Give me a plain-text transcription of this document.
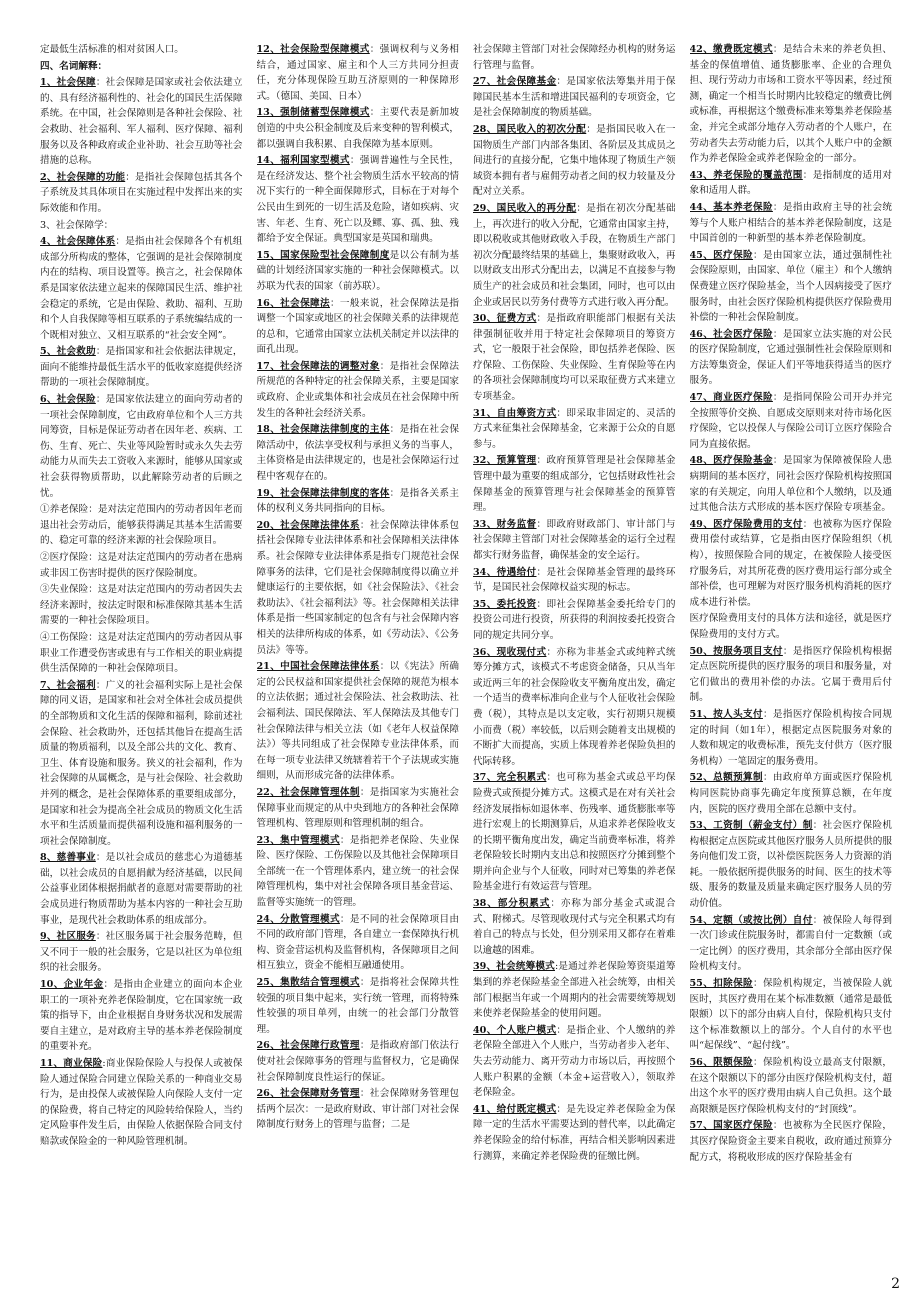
定最低生活标准的相对贫困人口。

四、名词解释：

1、社会保障：社会保障是国家或社会依法建立的、具有经济福利性的、社会化的国民生活保障系统。在中国，社会保障则是各种社会保险、社会救助、社会福利、军人福利、医疗保障、福利服务以及各种政府或企业补助、社会互助等社会措施的总称。

2、社会保障的功能：是指社会保障包括其各个子系统及其具体项目在实施过程中发挥出来的实际效能和作用。

3、社会保障学：

4、社会保障体系：是指由社会保障各个有机组成部分所构成的整体，它强调的是社会保障制度内在的结构、项目设置等。换言之，社会保障体系是国家依法建立起来的保障国民生活、维护社会稳定的系统，它是由保险、救助、福利、互助和个人自我保障等相互联系的子系统编结成的一个既相对独立、又相互联系的“社会安全网”。

5、社会救助：是指国家和社会依据法律规定，面向不能维持最低生活水平的低收家庭提供经济帮助的一项社会保障制度。

6、社会保险：是国家依法建立的面向劳动者的一项社会保障制度，它由政府单位和个人三方共同筹资，目标是保证劳动者在因年老、疾病、工伤、生育、死亡、失业等风险暂时或永久失去劳动能力从而失去工资收入来源时，能够从国家或社会获得物质帮助，以此解除劳动者的后顾之忧。

①养老保险：是对法定范围内的劳动者因年老而退出社会劳动后，能够获得满足其基本生活需要的、稳定可靠的经济来源的社会保险项目。

②医疗保险：这是对法定范围内的劳动者在患病或非因工伤害时提供的医疗保险制度。

③失业保险：这是对法定范围内的劳动者因失去经济来源时，按法定时限和标准保障其基本生活需要的一种社会保险项目。

④工伤保险：这是对法定范围内的劳动者因从事职业工作遭受伤害或患有与工作相关的职业病提供生活保障的一种社会保障项目。

7、社会福利：广义的社会福利实际上是社会保障的同义语，是国家和社会对全体社会成员提供的全部物质和文化生活的保障和福利，除前述社会保险、社会救助外，还包括其他旨在提高生活质量的物质福利，以及全部公共的文化、教育、卫生、体育设施和服务。狭义的社会福利，作为社会保障的从属概念，是与社会保险、社会救助并列的概念，是社会保障体系的重要组成部分，是国家和社会为提高全社会成员的物质文化生活水平和生活质量而提供福利设施和福利服务的一项社会保障制度。

8、慈善事业：是以社会成员的慈悲心为道德基础，以社会成员的自愿捐献为经济基础，以民间公益事业团体根据捐献者的意愿对需要帮助的社会成员进行物质帮助为基本内容的一种社会互助事业，是现代社会救助体系的组成部分。

9、社区服务：社区服务属于社会服务范畴，但又不同于一般的社会服务，它是以社区为单位组织的社会服务。

10、企业年金：是指由企业建立的面向本企业职工的一项补充养老保险制度，它在国家统一政策的指导下，由企业根据自身财务状况和发展需要自主建立，是对政府主导的基本养老保险制度的重要补充。

11、商业保险:商业保险保险人与投保人或被保险人通过保险合同建立保险关系的一种商业交易行为，是由投保人或被保险人向保险人支付一定的保险费，将自己特定的风险转给保险人，当约定风险事件发生后，由保险人依据保险合同支付赔款或保险金的一种风险管理机制。

12、社会保险型保障模式：强调权利与义务相结合，通过国家、雇主和个人三方共同分担责任，充分体现保险互助互济原则的一种保障形式。（德国、美国、日本）

13、强制储蓄型保障模式：主要代表是新加坡创造的中央公积金制度及后来变种的智利模式，都以强调自我积累、自我保障为基本原则。

14、福利国家型模式：强调普遍性与全民性，是在经济发达、整个社会物质生活水平较高的情况下实行的一种全面保障形式，目标在于对每个公民由生到死的一切生活及危险，诸如疾病、灾害、年老、生育、死亡以及鳏、寡、孤、独、残都给予安全保证。典型国家是英国和瑞典。

15、国家保险型社会保障制度是以公有制为基础的计划经济国家实施的一种社会保障模式。以苏联为代表的国家（前苏联）。

16、社会保障法：一般来说，社会保障法是指调整一个国家或地区的社会保障关系的法律规范的总和，它通常由国家立法机关制定并以法律的面孔出现。

17、社会保障法的调整对象：是指社会保障法所规范的各种特定的社会保障关系，主要是国家或政府、企业或集体和社会成员在社会保障中所发生的各种社会经济关系。

18、社会保障法律制度的主体：是指在社会保障活动中，依法享受权利与承担义务的当事人，主体资格是由法律规定的，也是社会保障运行过程中客观存在的。

19、社会保障法律制度的客体：是指各关系主体的权利义务共同指向的目标。

20、社会保障法律体系：社会保障法律体系包括社会保障专业法律体系和社会保障相关法律体系。社会保障专业法律体系是指专门规范社会保障事务的法律，它们是社会保障制度得以确立并健康运行的主要依据，如《社会保险法》、《社会救助法》、《社会福利法》等。社会保障相关法律体系是指一些国家制定的包含有与社会保障内容相关的法律所构成的体系，如《劳动法》、《公务员法》等等。

21、中国社会保障法律体系：以《宪法》所确定的公民权益和国家提供社会保障的规范为根本的立法依据；通过社会保险法、社会救助法、社会福利法、国民保障法、军人保障法及其他专门社会保障法律与相关立法（如《老年人权益保障法》）等共同组成了社会保障专业法律体系，而在每一项专业法律又统辖着若干个子法规或实施细则，从而形成完备的法律体系。

22、社会保障管理体制：是指国家为实施社会保障事业而规定的从中央到地方的各种社会保障管理机构、管理原则和管理机制的组合。

23、集中管理模式：是指把养老保险、失业保险、医疗保险、工伤保险以及其他社会保障项目全部统一在一个管理体系内，建立统一的社会保障管理机构，集中对社会保障各项目基金营运、监督等实施统一的管理。

24、分散管理模式：是不同的社会保障项目由不同的政府部门管理，各自建立一套保障执行机构、资金营运机构及监督机构，各保障项目之间相互独立，资金不能相互融通使用。

25、集散结合管理模式：是指将社会保障共性较强的项目集中起来，实行统一管理，而将特殊性较强的项目单列，由统一的社会部门分散管理。

26、社会保障行政管理：是指政府部门依法行使对社会保障事务的管理与监督权力，它是确保社会保障制度良性运行的保证。

26、社会保障财务管理：社会保障财务管理包括两个层次：一是政府财政、审计部门对社会保障制度行财务上的管理与监督；二是

社会保障主管部门对社会保障经办机构的财务运行管理与监督。

27、社会保障基金：是国家依法筹集并用于保障国民基本生活和增进国民福利的专项资金，它是社会保障制度的物质基础。

28、国民收入的初次分配：是指国民收入在一国物质生产部门内部各集团、各阶层及其成员之间进行的直接分配，它集中地体现了物质生产领域资本拥有者与雇佣劳动者之间的权力较量及分配对立关系。

29、国民收入的再分配：是指在初次分配基础上，再次进行的收入分配，它通常由国家主持，即以税收或其他财政收入手段，在物质生产部门初次分配最终结果的基础上，集聚财政收入，再以财政支出形式分配出去，以满足不直接参与物质生产的社会成员和社会集团，同时，也可以由企业或居民以劳务付费等方式进行收入再分配。

30、征费方式：是指政府职能部门根据有关法律强制征收并用于特定社会保障项目的筹资方式，它一般限于社会保险，即包括养老保险、医疗保险、工伤保险、失业保险、生育保险等在内的各项社会保障制度均可以采取征费方式来建立专项基金。

31、自由筹资方式：即采取非固定的、灵活的方式来征集社会保障基金，它来源于公众的自愿参与。

32、预算管理：政府预算管理是社会保障基金管理中最为重要的组成部分，它包括财政性社会保障基金的预算管理与社会保障基金的预算管理。

33、财务监督：即政府财政部门、审计部门与社会保障主管部门对社会保障基金的运行全过程都实行财务监督，确保基金的安全运行。

34、待遇给付：是社会保障基金管理的最终环节，是国民社会保障权益实现的标志。

35、委托投资：即社会保障基金委托给专门的投资公司进行投资，所获得的利润按委托投资合同的规定共同分享。

36、现收现付式：亦称为非基金式或纯粹式统筹分摊方式，该模式不考虑资金储备，只从当年或近两三年的社会保险收支平衡角度出发，确定一个适当的费率标准向企业与个人征收社会保险费（税），其特点是以支定收，实行初期只规模小而费（税）率较低，以后则会随着支出规模的不断扩大而提高，实质上体现着养老保险负担的代际转移。

37、完全积累式：也可称为基金式或总平均保险费式或预提分摊方式。这模式是在对有关社会经济发展指标如退休率、伤残率、通货膨胀率等进行宏观上的长期测算后，从追求养老保险收支的长期平衡角度出发，确定当前费率标准，将养老保险较长时期内支出总和按照医疗分摊到整个期并向企业与个人征收，同时对已筹集的养老保险基金进行有效运营与管理。

38、部分积累式：亦称为部分基金式或混合式、附梯式。尽管现收现付式与完全积累式均有着自己的特点与长处，但分别采用又都存在着难以逾越的困难。

39、社会统筹模式:是通过养老保险筹资渠道筹集到的养老保险基金全部进入社会统筹，由相关部门根据当年或一个周期内的社会需要统筹规划来使养老保险基金的使用问题。

40、个人账户模式：是指企业、个人缴纳的养老保险全部进入个人账户，当劳动者步入老年、失去劳动能力、离开劳动力市场以后，再按照个人账户积累的金额（本金+运营收入），领取养老保险金。

41、给付既定模式：是先设定养老保险金为保障一定的生活水平需要达到的替代率，以此确定养老保险金的给付标准，再结合相关影响因素进行测算，来确定养老保险费的征缴比例。

42、缴费既定模式：是结合未来的养老负担、基金的保值增值、通货膨胀率、企业的合理负担、现行劳动力市场和工资水平等因素，经过预测，确定一个相当长时期内比较稳定的缴费比例或标准，再根据这个缴费标准来筹集养老保险基金，并完全或部分地存入劳动者的个人账户，在劳动者失去劳动能力后，以其个人账户中的金额作为养老保险金或养老保险金的一部分。

43、养老保险的覆盖范围：是指制度的适用对象和适用人群。

44、基本养老保险：是指由政府主导的社会统筹与个人账户相结合的基本养老保险制度，这是中国首创的一种新型的基本养老保险制度。

45、医疗保险：是由国家立法，通过强制性社会保险原则，由国家、单位（雇主）和个人缴纳保费建立医疗保险基金，当个人因病接受了医疗服务时，由社会医疗保险机构提供医疗保险费用补偿的一种社会保险制度。

46、社会医疗保险：是国家立法实施的对公民的医疗保险制度，它通过强制性社会保险原则和方法筹集资金，保证人们平等地获得适当的医疗服务。

47、商业医疗保险：是指同保险公司开办并完全按照等价交换、自愿成交原则来对待市场化医疗保险，它以投保人与保险公司订立医疗保险合同为直接依据。

48、医疗保险基金：是国家为保障被保险人患病期间的基本医疗，同社会医疗保险机构按照国家的有关规定，向用人单位和个人缴纳，以及通过其他合法方式形成的基本医疗保险专项基金。

49、医疗保险费用的支付：也被称为医疗保险费用偿付或结算，它是指由医疗保险组织（机构），按照保险合同的规定，在被保险人接受医疗服务后，对其所花费的医疗费用运行部分或全部补偿，也可理解为对医疗服务机构消耗的医疗成本进行补偿。

医疗保险费用支付的具体方法和途径，就是医疗保险费用的支付方式。

50、按服务项目支付：是指医疗保险机构根据定点医院所提供的医疗服务的项目和服务量，对它们做出的费用补偿的办法。它属于费用后付制。

51、按人头支付：是指医疗保险机构按合同规定的时间（如1年），根据定点医院服务对象的人数和规定的收费标准，预先支付供方（医疗服务机构）一笔固定的服务费用。

52、总额预算制：由政府单方面或医疗保险机构同医院协商事先确定年度预算总额，在年度内，医院的医疗费用全部在总额中支付。

53、工资制（薪金支付）制：社会医疗保险机构根据定点医院或其他医疗服务人员所提供的服务向他们发工资，以补偿医院医务人力资源的消耗。一般依据所提供服务的时间、医生的技术等级、服务的数量及质量来确定医疗服务人员的劳动价值。

54、定额（或按比例）自付：被保险人每得到一次门诊或住院服务时，都需自付一定数额（或一定比例）的医疗费用，其余部分全部由医疗保险机构支付。

55、扣除保险：保险机构规定，当被保险人就医时，其医疗费用在某个标准数额（通常是最低限额）以下的部分由病人自付，保险机构只支付这个标准数额以上的部分。个人自付的水平也叫“起保线”、“起付线”。

56、限额保险：保险机构设立最高支付限额，在这个限额以下的部分由医疗保险机构支付，超出这个水平的医疗费用由病人自己负担。这个最高限额是医疗保险机构支付的“封顶线”。

57、国家医疗保险：也被称为全民医疗保险，其医疗保险资金主要来自税收，政府通过预算分配方式，将税收形成的医疗保险基金有

2
